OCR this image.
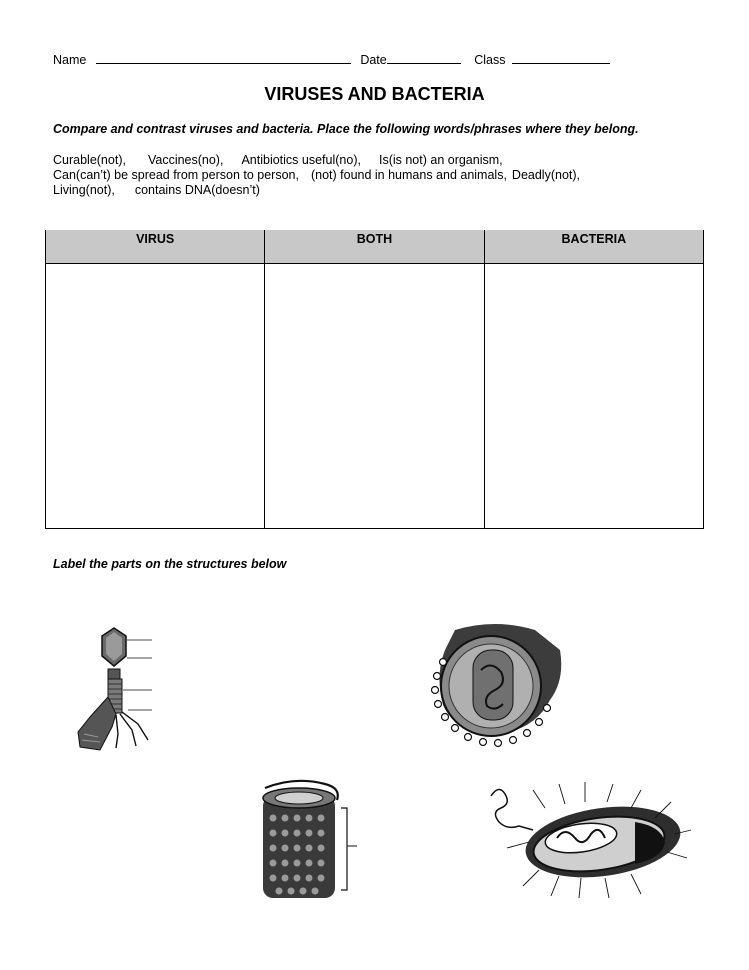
Name	Date	Class
VIRUSES AND BACTERIA
Compare and contrast viruses and bacteria. Place the following words/phrases where they belong.
Curable(not), Vaccines(no), Antibiotics useful(no), Is(is not) an organism,
Can(can’t) be spread from person to person, (not) found in humans and animals, Deadly(not),
Living(not), contains DNA(doesn’t)
VIRUS	BOTH	BACTERIA

Label the parts on the structures below
